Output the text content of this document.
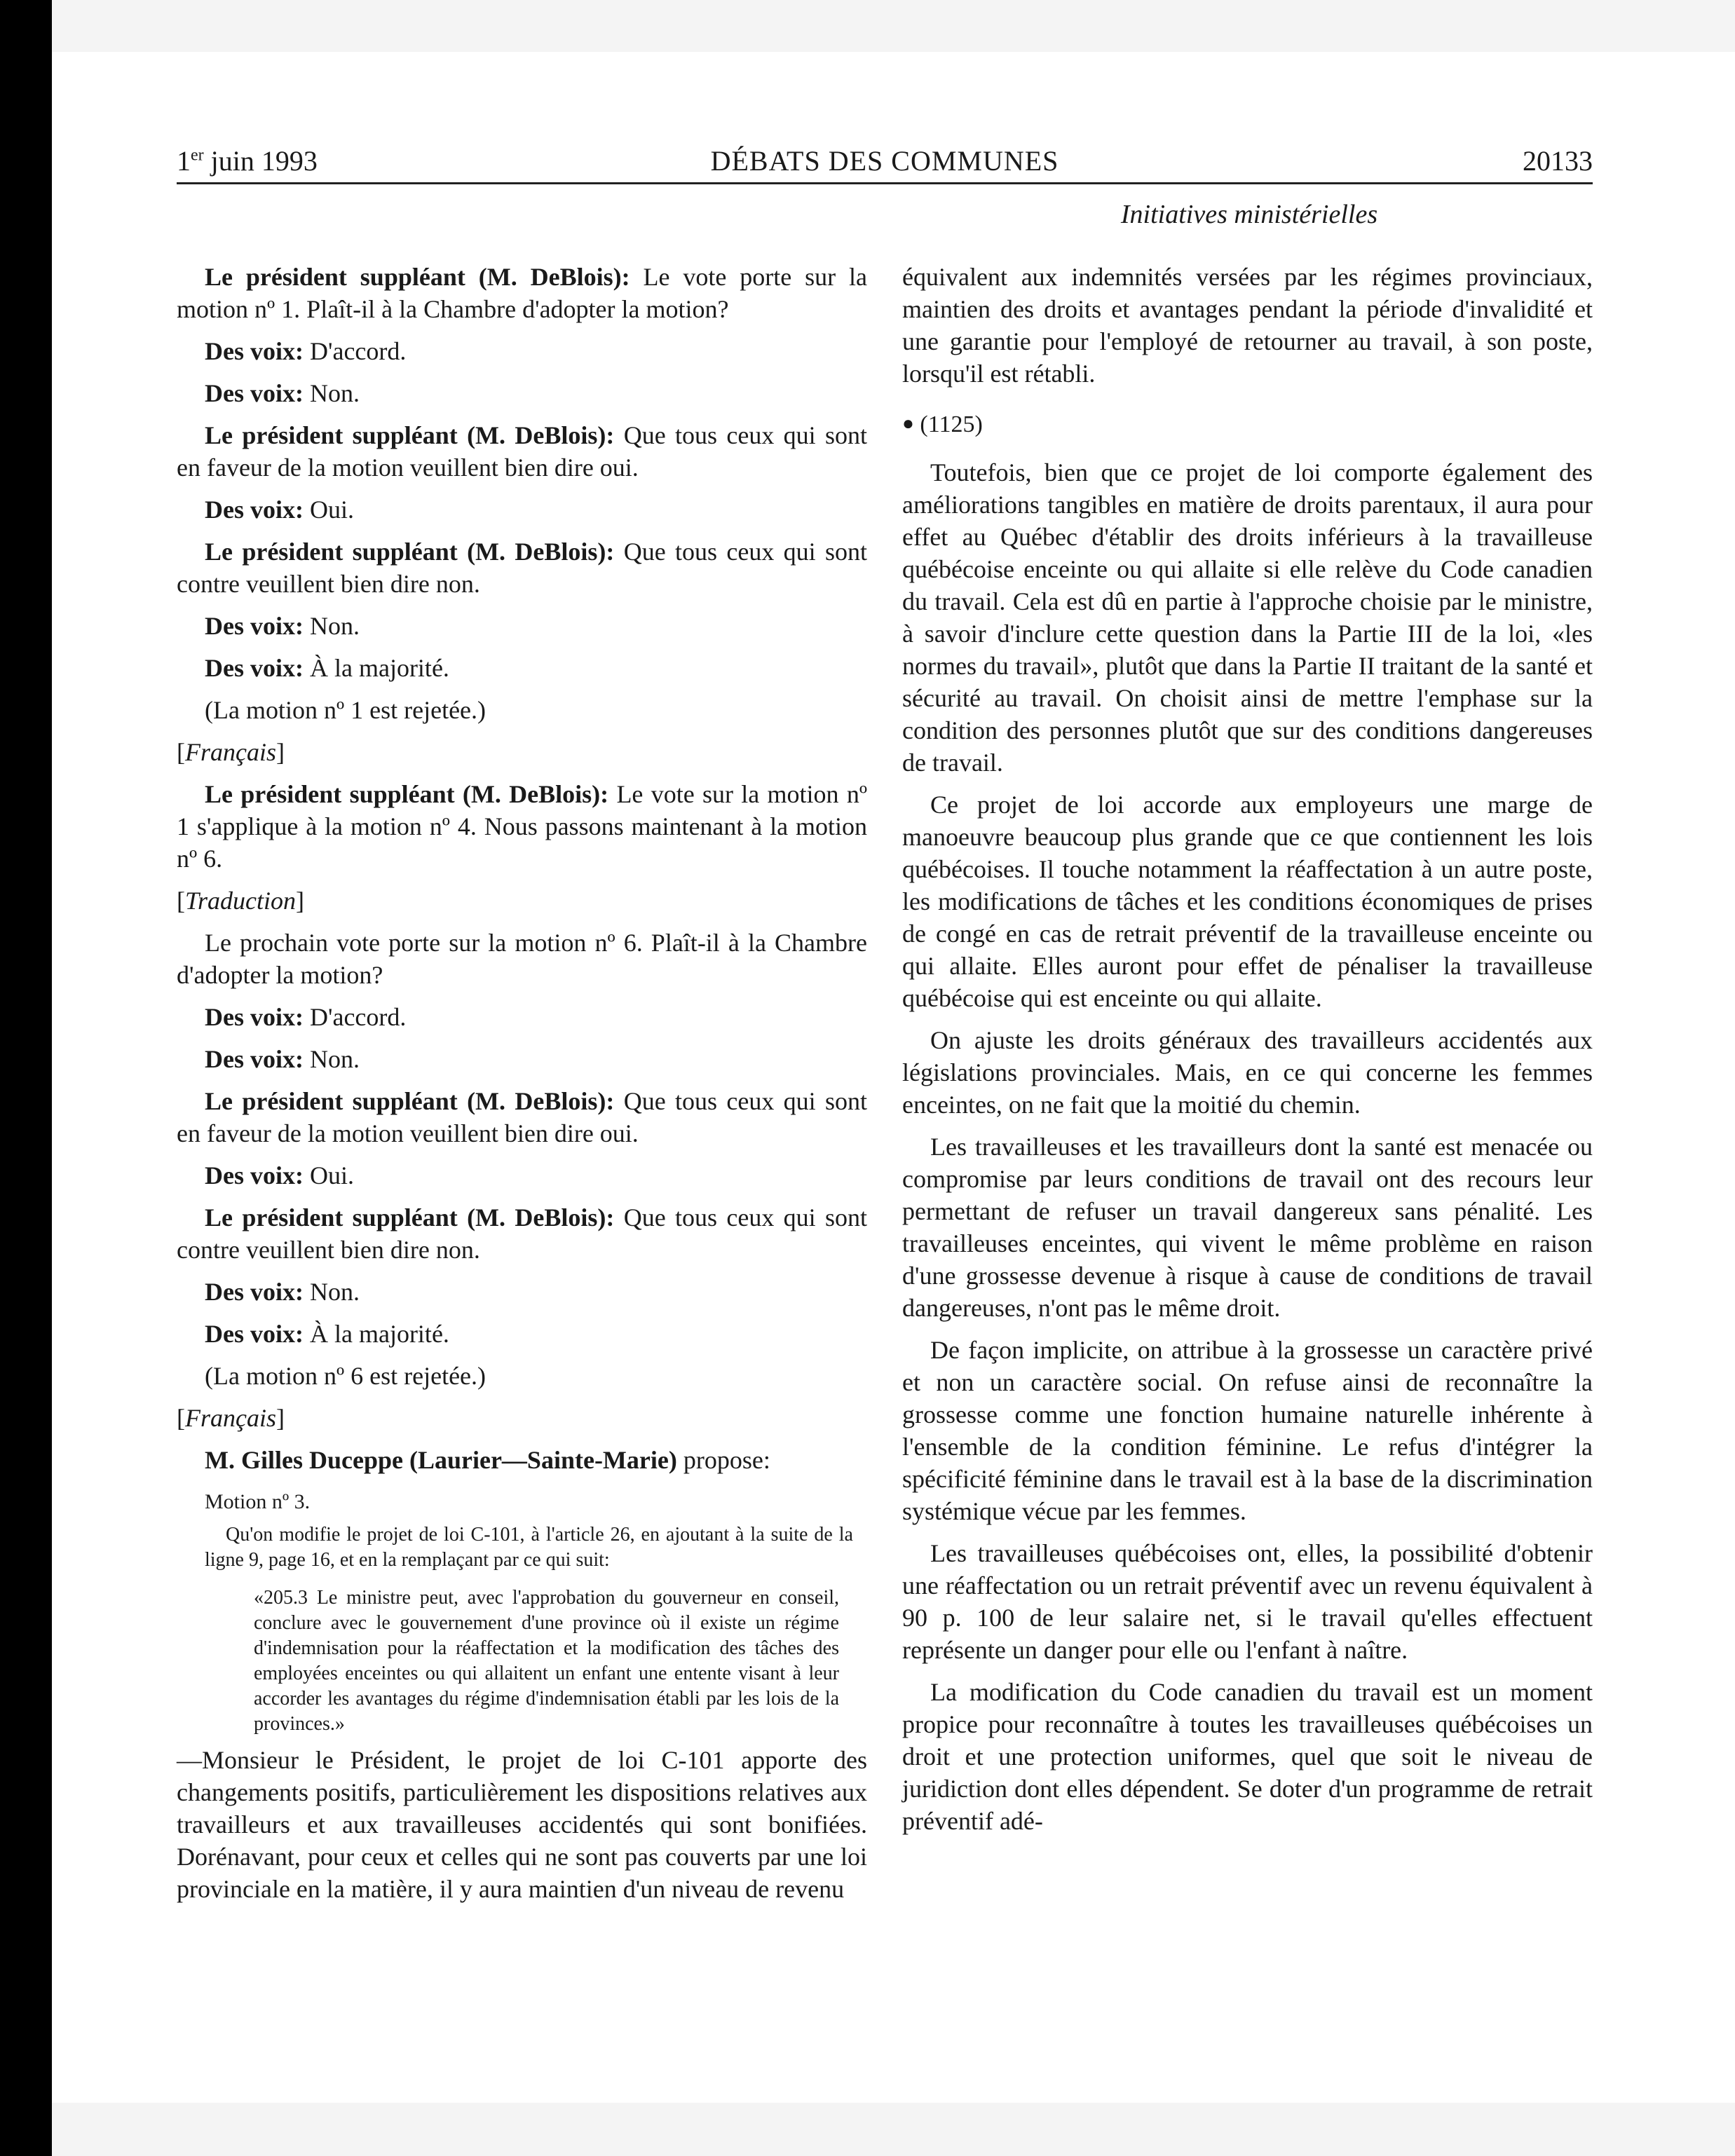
1er juin 1993	DÉBATS DES COMMUNES	20133
Initiatives ministérielles

Le président suppléant (M. DeBlois): Le vote porte sur la motion nº 1. Plaît-il à la Chambre d'adopter la motion?

Des voix: D'accord.

Des voix: Non.

Le président suppléant (M. DeBlois): Que tous ceux qui sont en faveur de la motion veuillent bien dire oui.

Des voix: Oui.

Le président suppléant (M. DeBlois): Que tous ceux qui sont contre veuillent bien dire non.

Des voix: Non.

Des voix: À la majorité.

(La motion nº 1 est rejetée.)

[Français]

Le président suppléant (M. DeBlois): Le vote sur la motion nº 1 s'applique à la motion nº 4. Nous passons maintenant à la motion nº 6.

[Traduction]

Le prochain vote porte sur la motion nº 6. Plaît-il à la Chambre d'adopter la motion?

Des voix: D'accord.

Des voix: Non.

Le président suppléant (M. DeBlois): Que tous ceux qui sont en faveur de la motion veuillent bien dire oui.

Des voix: Oui.

Le président suppléant (M. DeBlois): Que tous ceux qui sont contre veuillent bien dire non.

Des voix: Non.

Des voix: À la majorité.

(La motion nº 6 est rejetée.)

[Français]

M. Gilles Duceppe (Laurier—Sainte-Marie) propose:

Motion nº 3.
Qu'on modifie le projet de loi C-101, à l'article 26, en ajoutant à la suite de la ligne 9, page 16, et en la remplaçant par ce qui suit:
«205.3 Le ministre peut, avec l'approbation du gouverneur en conseil, conclure avec le gouvernement d'une province où il existe un régime d'indemnisation pour la réaffectation et la modification des tâches des employées enceintes ou qui allaitent un enfant une entente visant à leur accorder les avantages du régime d'indemnisation établi par les lois de la provinces.»

—Monsieur le Président, le projet de loi C-101 apporte des changements positifs, particulièrement les dispositions relatives aux travailleurs et aux travailleuses accidentés qui sont bonifiées. Dorénavant, pour ceux et celles qui ne sont pas couverts par une loi provinciale en la matière, il y aura maintien d'un niveau de revenu

équivalent aux indemnités versées par les régimes provinciaux, maintien des droits et avantages pendant la période d'invalidité et une garantie pour l'employé de retourner au travail, à son poste, lorsqu'il est rétabli.

● (1125)

Toutefois, bien que ce projet de loi comporte également des améliorations tangibles en matière de droits parentaux, il aura pour effet au Québec d'établir des droits inférieurs à la travailleuse québécoise enceinte ou qui allaite si elle relève du Code canadien du travail. Cela est dû en partie à l'approche choisie par le ministre, à savoir d'inclure cette question dans la Partie III de la loi, «les normes du travail», plutôt que dans la Partie II traitant de la santé et sécurité au travail. On choisit ainsi de mettre l'emphase sur la condition des personnes plutôt que sur des conditions dangereuses de travail.

Ce projet de loi accorde aux employeurs une marge de manoeuvre beaucoup plus grande que ce que contiennent les lois québécoises. Il touche notamment la réaffectation à un autre poste, les modifications de tâches et les conditions économiques de prises de congé en cas de retrait préventif de la travailleuse enceinte ou qui allaite. Elles auront pour effet de pénaliser la travailleuse québécoise qui est enceinte ou qui allaite.

On ajuste les droits généraux des travailleurs accidentés aux législations provinciales. Mais, en ce qui concerne les femmes enceintes, on ne fait que la moitié du chemin.

Les travailleuses et les travailleurs dont la santé est menacée ou compromise par leurs conditions de travail ont des recours leur permettant de refuser un travail dangereux sans pénalité. Les travailleuses enceintes, qui vivent le même problème en raison d'une grossesse devenue à risque à cause de conditions de travail dangereuses, n'ont pas le même droit.

De façon implicite, on attribue à la grossesse un caractère privé et non un caractère social. On refuse ainsi de reconnaître la grossesse comme une fonction humaine naturelle inhérente à l'ensemble de la condition féminine. Le refus d'intégrer la spécificité féminine dans le travail est à la base de la discrimination systémique vécue par les femmes.

Les travailleuses québécoises ont, elles, la possibilité d'obtenir une réaffectation ou un retrait préventif avec un revenu équivalent à 90 p. 100 de leur salaire net, si le travail qu'elles effectuent représente un danger pour elle ou l'enfant à naître.

La modification du Code canadien du travail est un moment propice pour reconnaître à toutes les travailleuses québécoises un droit et une protection uniformes, quel que soit le niveau de juridiction dont elles dépendent. Se doter d'un programme de retrait préventif adé-
